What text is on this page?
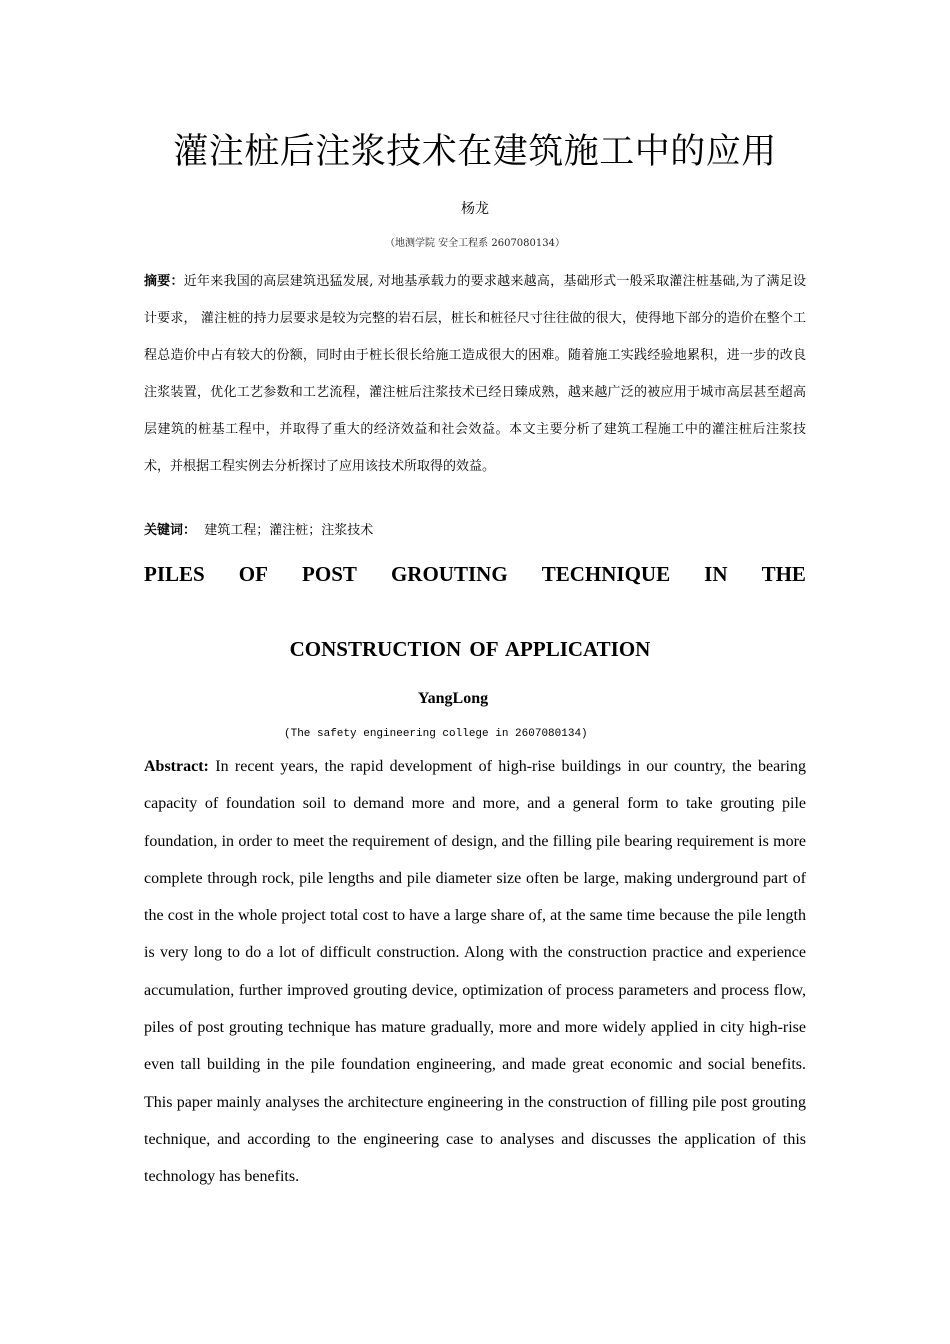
灌注桩后注浆技术在建筑施工中的应用
杨龙
（地测学院 安全工程系 2607080134）

摘要：近年来我国的高层建筑迅猛发展, 对地基承载力的要求越来越高，基础形式一般采取灌注桩基础,为了满足设计要求， 灌注桩的持力层要求是较为完整的岩石层，桩长和桩径尺寸往往做的很大，使得地下部分的造价在整个工程总造价中占有较大的份额，同时由于桩长很长给施工造成很大的困难。随着施工实践经验地累积，进一步的改良注浆装置，优化工艺参数和工艺流程，灌注桩后注浆技术已经日臻成熟，越来越广泛的被应用于城市高层甚至超高层建筑的桩基工程中，并取得了重大的经济效益和社会效益。本文主要分析了建筑工程施工中的灌注桩后注浆技术，并根据工程实例去分析探讨了应用该技术所取得的效益。

关键词： 建筑工程；灌注桩；注浆技术

PILES OF POST GROUTING TECHNIQUE IN THE
CONSTRUCTION OF APPLICATION
YangLong
(The safety engineering college in 2607080134)

Abstract: In recent years, the rapid development of high-rise buildings in our country, the bearing capacity of foundation soil to demand more and more, and a general form to take grouting pile foundation, in order to meet the requirement of design, and the filling pile bearing requirement is more complete through rock, pile lengths and pile diameter size often be large, making underground part of the cost in the whole project total cost to have a large share of, at the same time because the pile length is very long to do a lot of difficult construction. Along with the construction practice and experience accumulation, further improved grouting device, optimization of process parameters and process flow, piles of post grouting technique has mature gradually, more and more widely applied in city high-rise even tall building in the pile foundation engineering, and made great economic and social benefits. This paper mainly analyses the architecture engineering in the construction of filling pile post grouting technique, and according to the engineering case to analyses and discusses the application of this technology has benefits.
